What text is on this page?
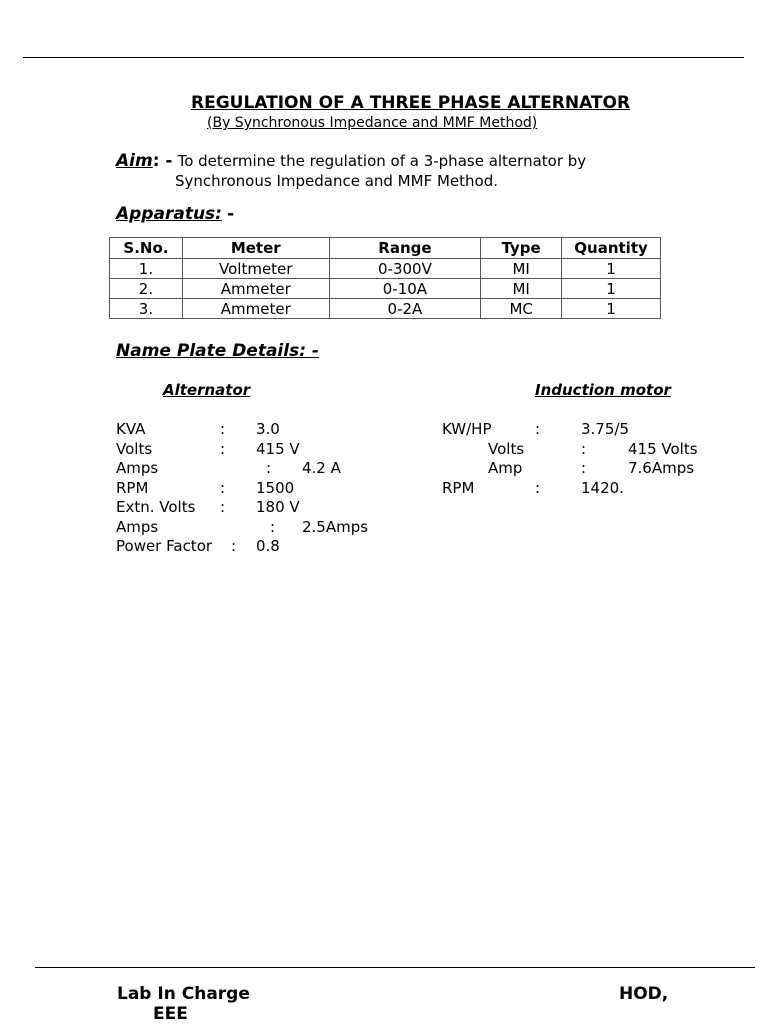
REGULATION OF A THREE PHASE ALTERNATOR
(By Synchronous Impedance and MMF Method)
Aim: - To determine the regulation of a 3-phase alternator by
Synchronous Impedance and MMF Method.
Apparatus: -
S.No.	Meter	Range	Type	Quantity
1.	Voltmeter	0-300V	MI	1
2.	Ammeter	0-10A	MI	1
3.	Ammeter	0-2A	MC	1
Name Plate Details: -
Alternator	Induction motor
KVA	: 3.0
Volts	: 415 V
Amps	: 4.2 A
RPM	: 1500
Extn. Volts : 180 V
Amps	: 2.5Amps
Power Factor : 0.8
KW/HP	:	3.75/5
Volts	:	415 Volts
Amp	:	7.6Amps
RPM	:	1420.
Lab In Charge	HOD,
EEE
